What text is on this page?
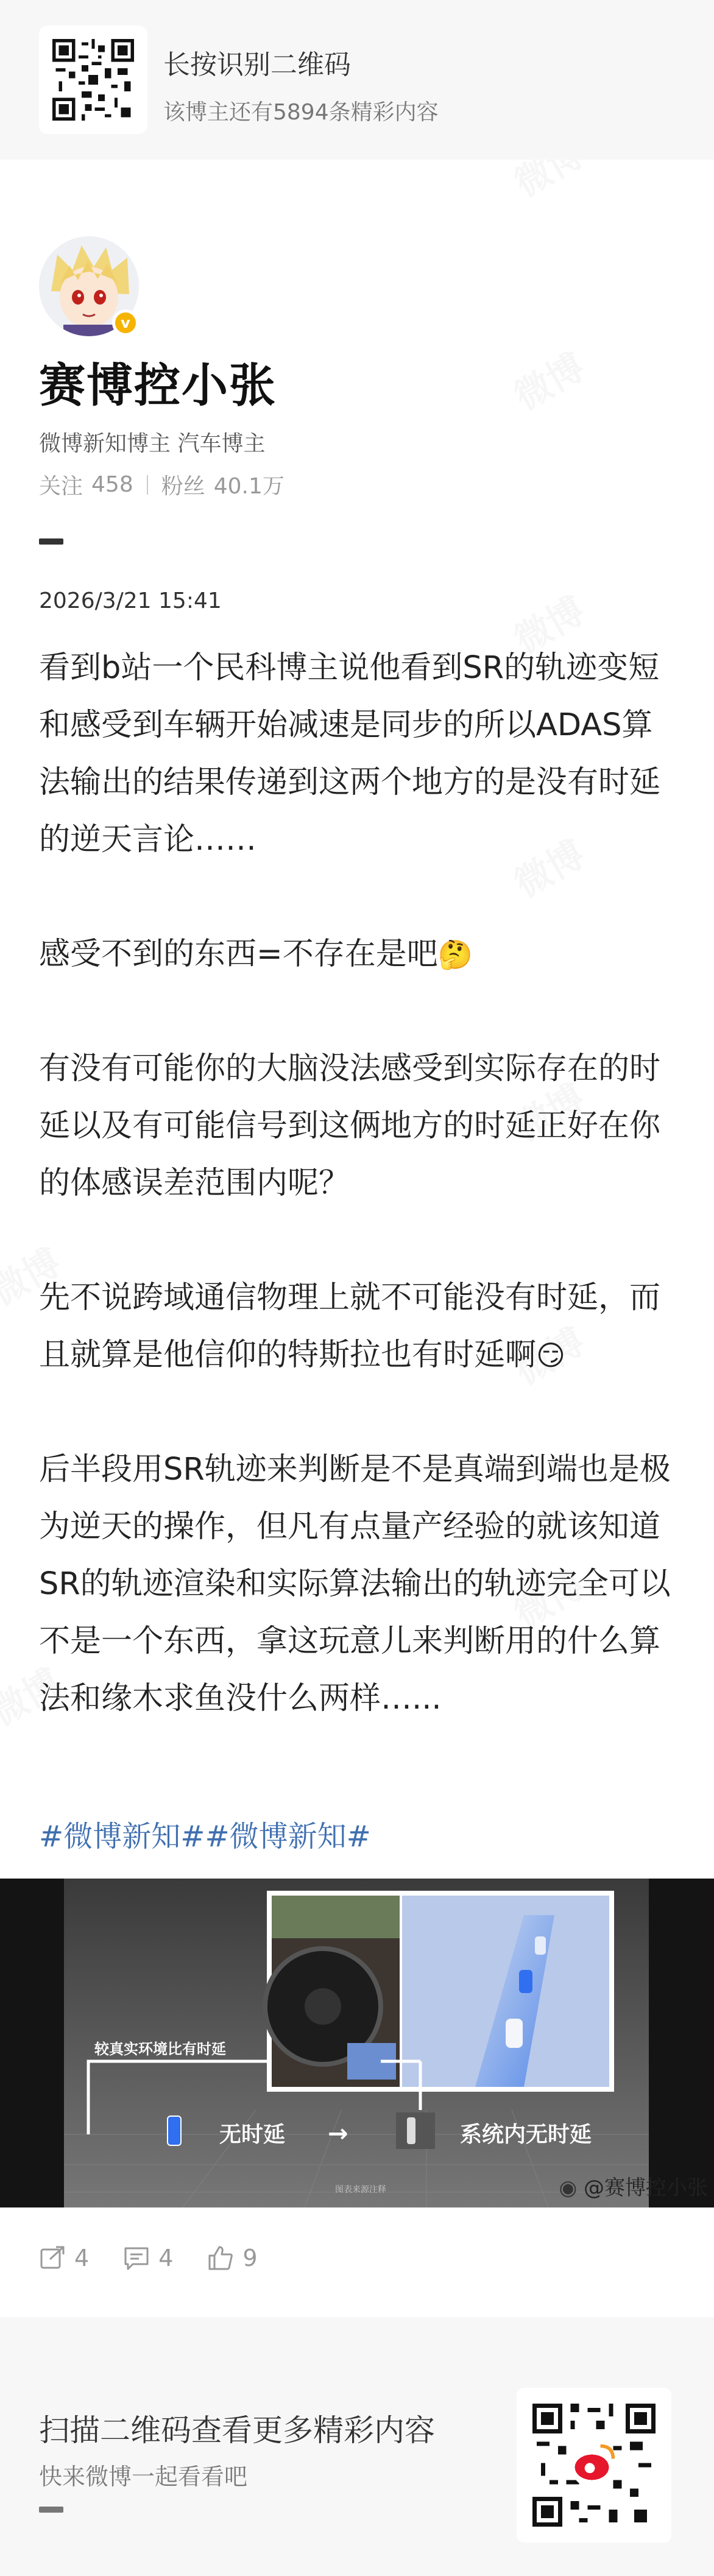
长按识别二维码
该博主还有5894条精彩内容
v
赛博控小张
微博新知博主 汽车博主
关注 458 粉丝 40.1万
2026/3/21 15:41

看到b站一个民科博主说他看到SR的轨迹变短和感受到车辆开始减速是同步的所以ADAS算法输出的结果传递到这两个地方的是没有时延的逆天言论……

感受不到的东西=不存在是吧🤔

有没有可能你的大脑没法感受到实际存在的时延以及有可能信号到这俩地方的时延正好在你的体感误差范围内呢？

先不说跨域通信物理上就不可能没有时延，而且就算是他信仰的特斯拉也有时延啊😏

后半段用SR轨迹来判断是不是真端到端也是极为逆天的操作，但凡有点量产经验的就该知道SR的轨迹渲染和实际算法输出的轨迹完全可以不是一个东西，拿这玩意儿来判断用的什么算法和缘木求鱼没什么两样…...

#微博新知##微博新知#
较真实环境比有时延
无时延 →	系统内无时延
图表来源注释	◉ @赛博控小张
4	4	9
扫描二维码查看更多精彩内容
快来微博一起看看吧
